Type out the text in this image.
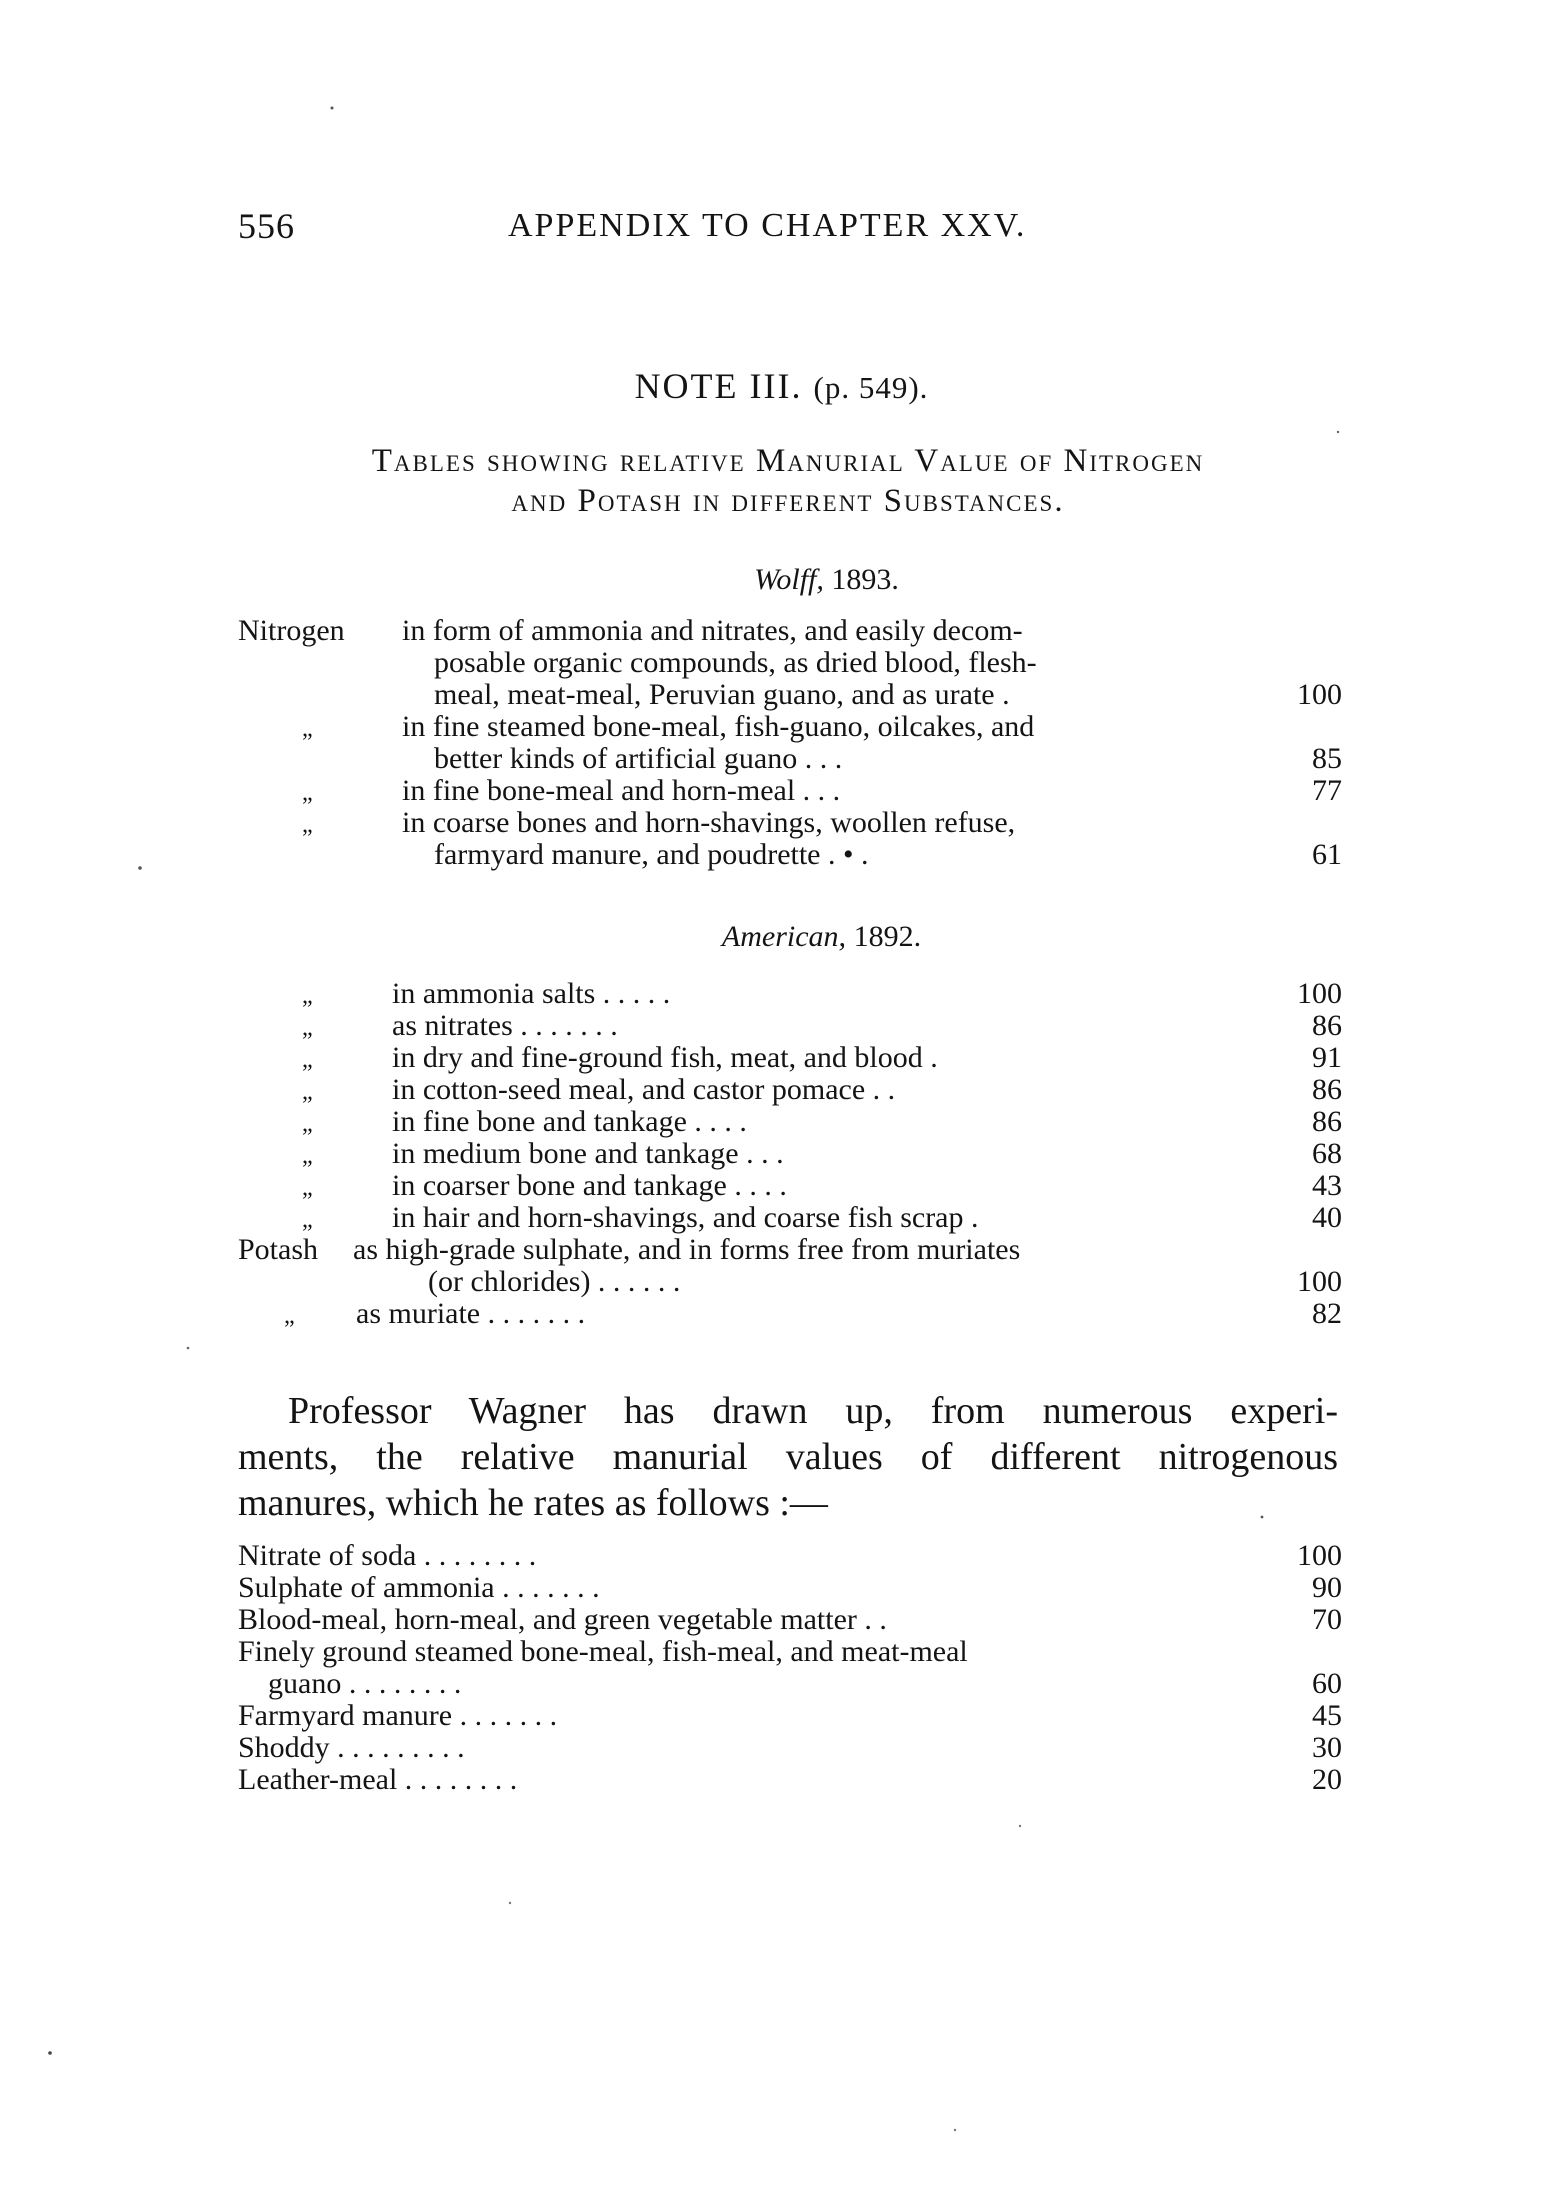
556	APPENDIX TO CHAPTER XXV.
NOTE III. (p. 549).
Tables showing relative Manurial Value of Nitrogen
and Potash in different Substances.
Wolff, 1893.
Nitrogen in form of ammonia and nitrates, and easily decom-
posable organic compounds, as dried blood, flesh-
meal, meat-meal, Peruvian guano, and as urate .	100
„	in fine steamed bone-meal, fish-guano, oilcakes, and
better kinds of artificial guano . . .	85
„	in fine bone-meal and horn-meal . . .	77
„	in coarse bones and horn-shavings, woollen refuse,
farmyard manure, and poudrette . • .	61
American, 1892.
„	in ammonia salts . . . . .	100
„	as nitrates . . . . . . .	86
„	in dry and fine-ground fish, meat, and blood .	91
„	in cotton-seed meal, and castor pomace . .	86
„	in fine bone and tankage . . . .	86
„	in medium bone and tankage . . .	68
„	in coarser bone and tankage . . . .	43
„	in hair and horn-shavings, and coarse fish scrap .	40
Potash as high-grade sulphate, and in forms free from muriates
(or chlorides) . . . . . .	100
„ as muriate . . . . . . .	82
Professor Wagner has drawn up, from numerous experi-
ments, the relative manurial values of different nitrogenous
manures, which he rates as follows :—
Nitrate of soda . . . . . . . .	100
Sulphate of ammonia . . . . . . .	90
Blood-meal, horn-meal, and green vegetable matter . .	70
Finely ground steamed bone-meal, fish-meal, and meat-meal
guano . . . . . . . .	60
Farmyard manure . . . . . . .	45
Shoddy . . . . . . . . .	30
Leather-meal . . . . . . . .	20
